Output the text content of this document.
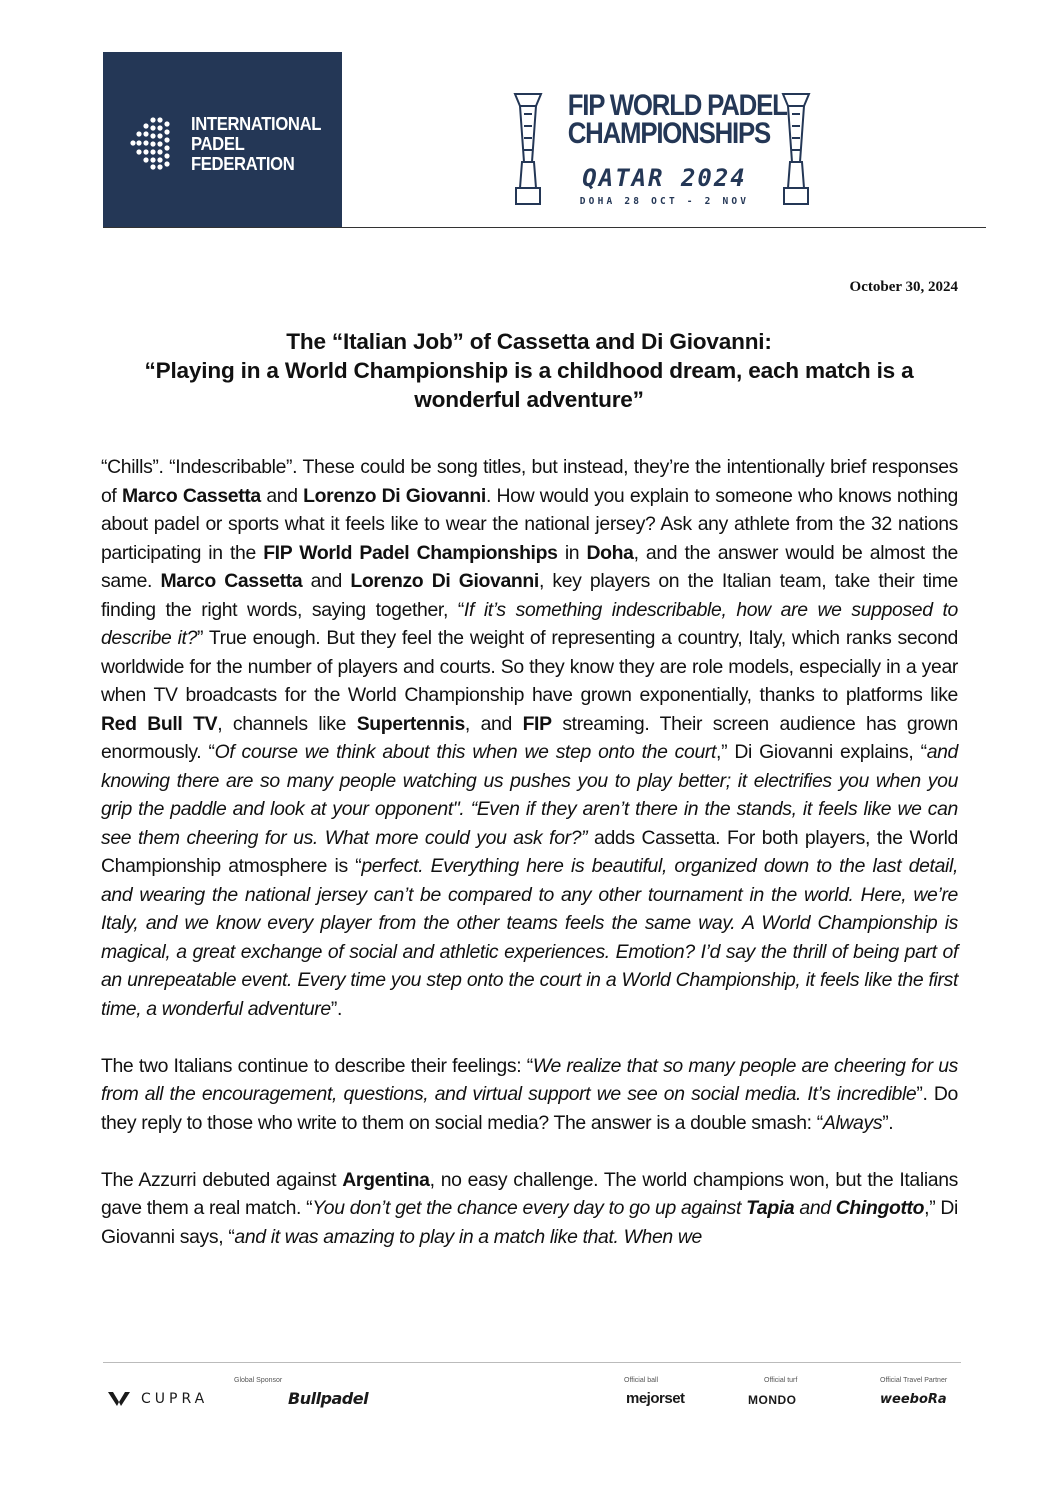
INTERNATIONAL
PADEL
FEDERATION
FIP WORLD PADEL
CHAMPIONSHIPS
QATAR 2024
DOHA 28 OCT - 2 NOV
October 30, 2024
The “Italian Job” of Cassetta and Di Giovanni:
“Playing in a World Championship is a childhood dream, each match is a wonderful adventure”

“Chills”. “Indescribable”. These could be song titles, but instead, they’re the intentionally brief responses of Marco Cassetta and Lorenzo Di Giovanni. How would you explain to someone who knows nothing about padel or sports what it feels like to wear the national jersey? Ask any athlete from the 32 nations participating in the FIP World Padel Championships in Doha, and the answer would be almost the same. Marco Cassetta and Lorenzo Di Giovanni, key players on the Italian team, take their time finding the right words, saying together, “If it’s something indescribable, how are we supposed to describe it?” True enough. But they feel the weight of representing a country, Italy, which ranks second worldwide for the number of players and courts. So they know they are role models, especially in a year when TV broadcasts for the World Championship have grown exponentially, thanks to platforms like Red Bull TV, channels like Supertennis, and FIP streaming. Their screen audience has grown enormously. “Of course we think about this when we step onto the court,” Di Giovanni explains, “and knowing there are so many people watching us pushes you to play better; it electrifies you when you grip the paddle and look at your opponent". “Even if they aren’t there in the stands, it feels like we can see them cheering for us. What more could you ask for?” adds Cassetta. For both players, the World Championship atmosphere is “perfect. Everything here is beautiful, organized down to the last detail, and wearing the national jersey can’t be compared to any other tournament in the world. Here, we’re Italy, and we know every player from the other teams feels the same way. A World Championship is magical, a great exchange of social and athletic experiences. Emotion? I’d say the thrill of being part of an unrepeatable event. Every time you step onto the court in a World Championship, it feels like the first time, a wonderful adventure”.

The two Italians continue to describe their feelings: “We realize that so many people are cheering for us from all the encouragement, questions, and virtual support we see on social media. It’s incredible”. Do they reply to those who write to them on social media? The answer is a double smash: “Always”.

The Azzurri debuted against Argentina, no easy challenge. The world champions won, but the Italians gave them a real match. “You don’t get the chance every day to go up against Tapia and Chingotto,” Di Giovanni says, “and it was amazing to play in a match like that. When we

Global Sponsor	Official ball	Official turf	Official Travel Partner
CUPRA	Bullpadel	mejorset	MONDO	weeboRa
